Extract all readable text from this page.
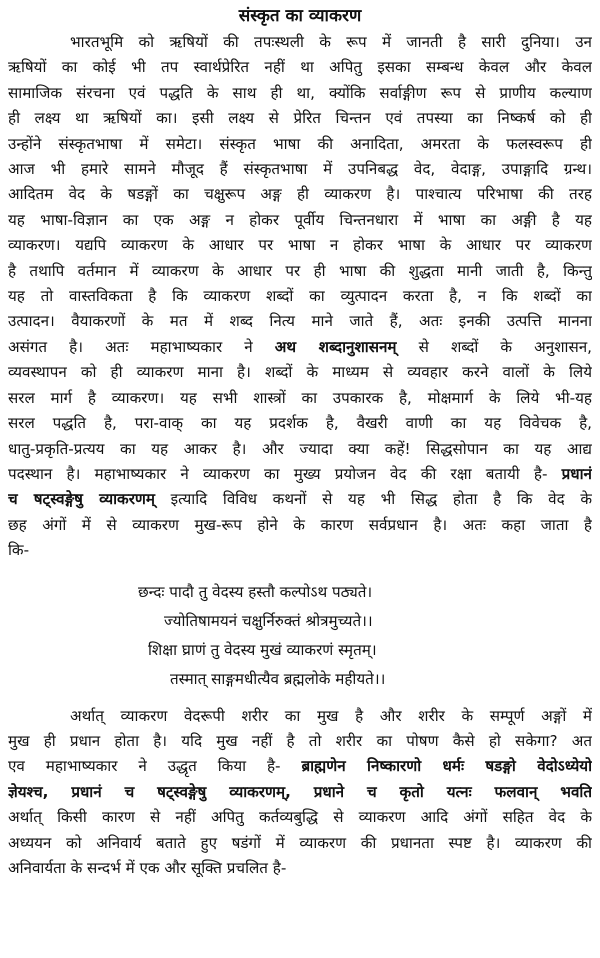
संस्कृत का व्याकरण
भारतभूमि को ऋषियों की तपःस्थली के रूप में जानती है सारी दुनिया। उन
ऋषियों का कोई भी तप स्वार्थप्रेरित नहीं था अपितु इसका सम्बन्ध केवल और केवल
सामाजिक संरचना एवं पद्धति के साथ ही था, क्योंकि सर्वाङ्गीण रूप से प्राणीय कल्याण
ही लक्ष्य था ऋषियों का। इसी लक्ष्य से प्रेरित चिन्तन एवं तपस्या का निष्कर्ष को ही
उन्होंने संस्कृतभाषा में समेटा। संस्कृत भाषा की अनादिता, अमरता के फलस्वरूप ही
आज भी हमारे सामने मौजूद हैं संस्कृतभाषा में उपनिबद्ध वेद, वेदाङ्ग, उपाङ्गादि ग्रन्थ।
आदितम वेद के षडङ्गों का चक्षुरूप अङ्ग ही व्याकरण है। पाश्चात्य परिभाषा की तरह
यह भाषा-विज्ञान का एक अङ्ग न होकर पूर्वीय चिन्तनधारा में भाषा का अङ्गी है यह
व्याकरण। यद्यपि व्याकरण के आधार पर भाषा न होकर भाषा के आधार पर व्याकरण
है तथापि वर्तमान में व्याकरण के आधार पर ही भाषा की शुद्धता मानी जाती है, किन्तु
यह तो वास्तविकता है कि व्याकरण शब्दों का व्युत्पादन करता है, न कि शब्दों का
उत्पादन। वैयाकरणों के मत में शब्द नित्य माने जाते हैं, अतः इनकी उत्पत्ति मानना
असंगत है। अतः महाभाष्यकार ने अथ शब्दानुशासनम् से शब्दों के अनुशासन,
व्यवस्थापन को ही व्याकरण माना है। शब्दों के माध्यम से व्यवहार करने वालों के लिये
सरल मार्ग है व्याकरण। यह सभी शास्त्रों का उपकारक है, मोक्षमार्ग के लिये भी-यह
सरल पद्धति है, परा-वाक् का यह प्रदर्शक है, वैखरी वाणी का यह विवेचक है,
धातु-प्रकृति-प्रत्यय का यह आकर है। और ज्यादा क्या कहें! सिद्धसोपान का यह आद्य
पदस्थान है। महाभाष्यकार ने व्याकरण का मुख्य प्रयोजन वेद की रक्षा बतायी है- प्रधानं
च षट्स्वङ्गेषु व्याकरणम् इत्यादि विविध कथनों से यह भी सिद्ध होता है कि वेद के
छह अंगों में से व्याकरण मुख-रूप होने के कारण सर्वप्रधान है। अतः कहा जाता है
कि-
छन्दः पादौ तु वेदस्य हस्तौ कल्पोऽथ पठ्यते।
ज्योतिषामयनं चक्षुर्निरुक्तं श्रोत्रमुच्यते।।
शिक्षा घ्राणं तु वेदस्य मुखं व्याकरणं स्मृतम्।
तस्मात् साङ्गमधीत्यैव ब्रह्मलोके महीयते।।
अर्थात् व्याकरण वेदरूपी शरीर का मुख है और शरीर के सम्पूर्ण अङ्गों में
मुख ही प्रधान होता है। यदि मुख नहीं है तो शरीर का पोषण कैसे हो सकेगा? अत
एव महाभाष्यकार ने उद्धृत किया है- ब्राह्मणेन निष्कारणो धर्मः षडङ्गो वेदोऽध्येयो
ज्ञेयश्च, प्रधानं च षट्स्वङ्गेषु व्याकरणम्, प्रधाने च कृतो यत्नः फलवान् भवति
अर्थात् किसी कारण से नहीं अपितु कर्तव्यबुद्धि से व्याकरण आदि अंगों सहित वेद के
अध्ययन को अनिवार्य बताते हुए षडंगों में व्याकरण की प्रधानता स्पष्ट है। व्याकरण की
अनिवार्यता के सन्दर्भ में एक और सूक्ति प्रचलित है-
